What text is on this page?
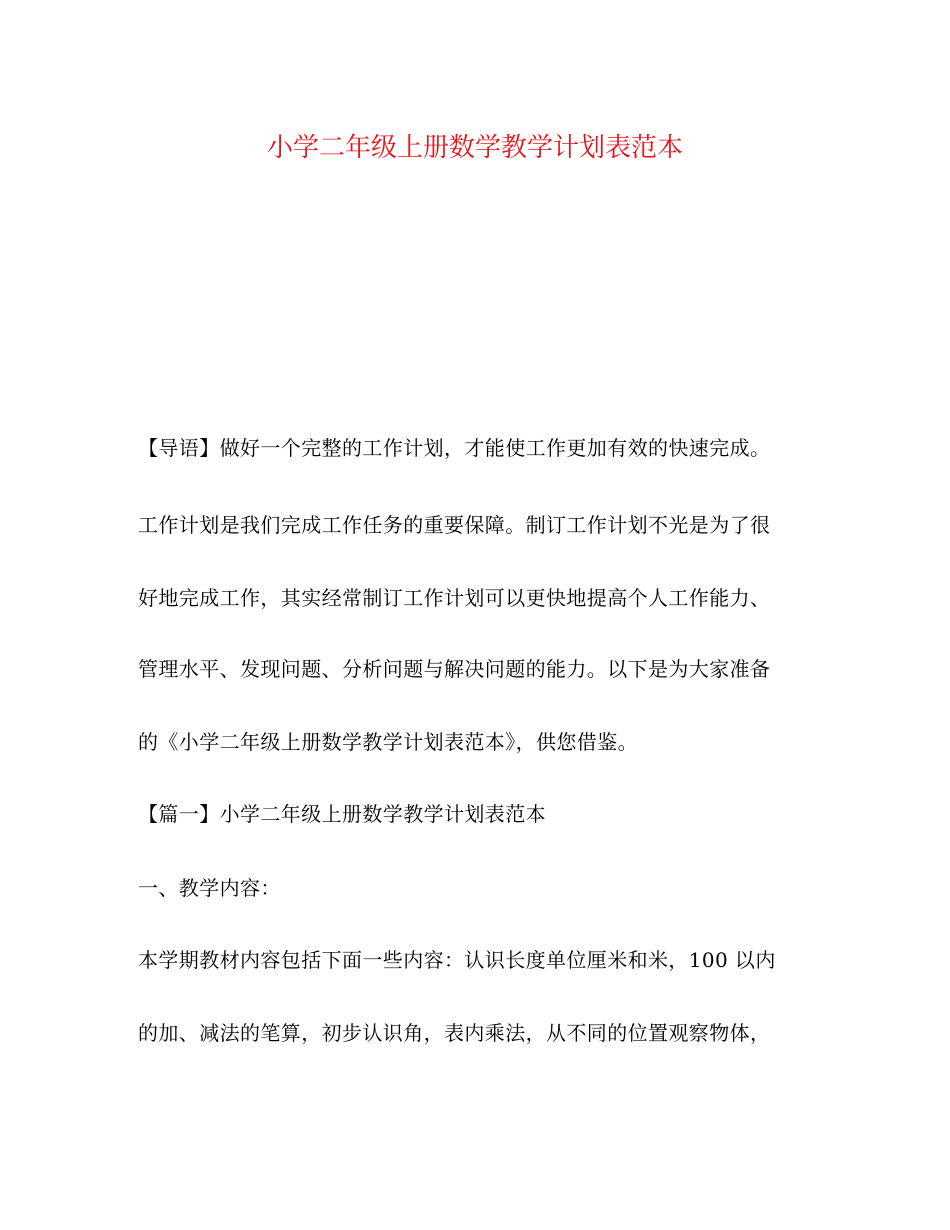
小学二年级上册数学教学计划表范本
【导语】做好一个完整的工作计划，才能使工作更加有效的快速完成。
工作计划是我们完成工作任务的重要保障。制订工作计划不光是为了很
好地完成工作，其实经常制订工作计划可以更快地提高个人工作能力、
管理水平、发现问题、分析问题与解决问题的能力。以下是为大家准备
的《小学二年级上册数学教学计划表范本》，供您借鉴。
【篇一】小学二年级上册数学教学计划表范本
一、教学内容：
本学期教材内容包括下面一些内容：认识长度单位厘米和米，100 以内
的加、减法的笔算，初步认识角，表内乘法，从不同的位置观察物体，
